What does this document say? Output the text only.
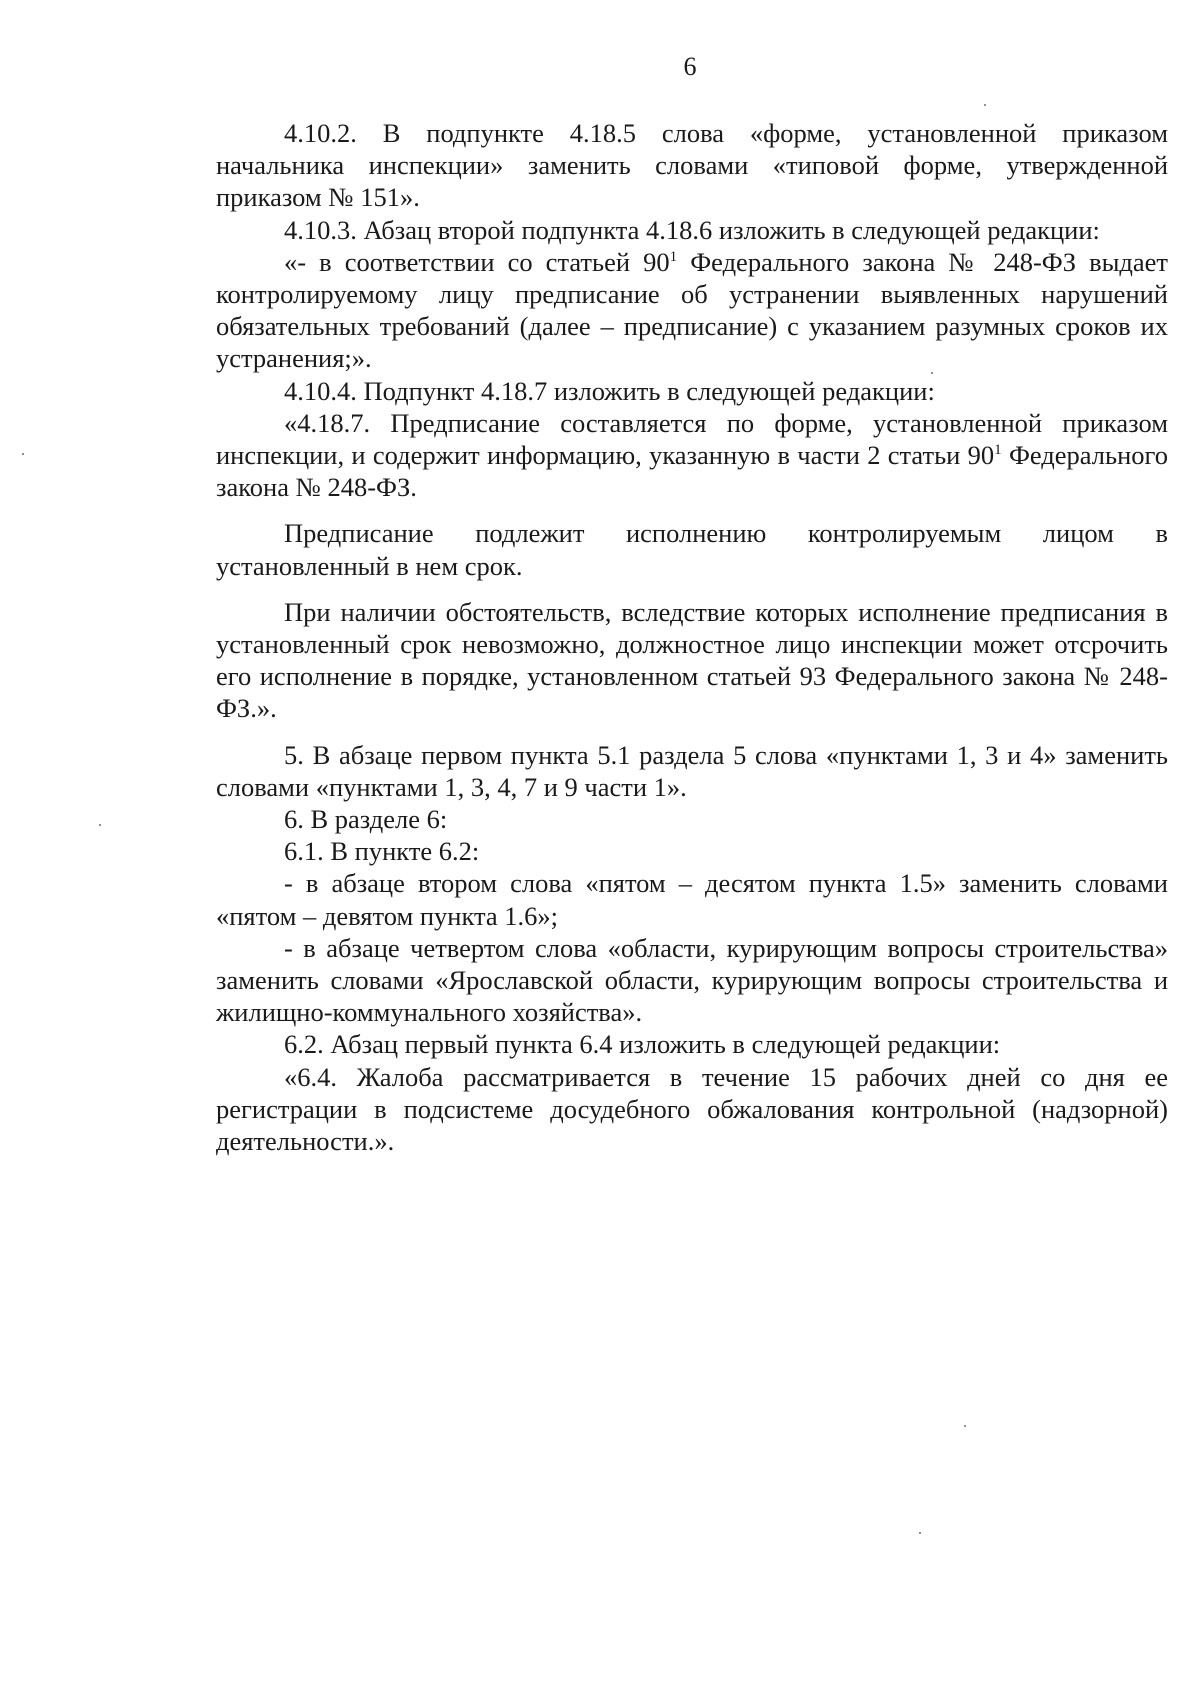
6

4.10.2. В подпункте 4.18.5 слова «форме, установленной приказом начальника инспекции» заменить словами «типовой форме, утвержденной приказом № 151».

4.10.3. Абзац второй подпункта 4.18.6 изложить в следующей редакции:

«- в соответствии со статьей $90^1$ Федерального закона № 248-ФЗ выдает контролируемому лицу предписание об устранении выявленных нарушений обязательных требований (далее – предписание) с указанием разумных сроков их устранения;».

4.10.4. Подпункт 4.18.7 изложить в следующей редакции:

«4.18.7. Предписание составляется по форме, установленной приказом инспекции, и содержит информацию, указанную в части 2 статьи $90^1$ Федерального закона № 248-ФЗ.

Предписание подлежит исполнению контролируемым лицом в установленный в нем срок.

При наличии обстоятельств, вследствие которых исполнение предписания в установленный срок невозможно, должностное лицо инспекции может отсрочить его исполнение в порядке, установленном статьей 93 Федерального закона № 248-ФЗ.».

5. В абзаце первом пункта 5.1 раздела 5 слова «пунктами 1, 3 и 4» заменить словами «пунктами 1, 3, 4, 7 и 9 части 1».

6. В разделе 6:

6.1. В пункте 6.2:

- в абзаце втором слова «пятом – десятом пункта 1.5» заменить словами «пятом – девятом пункта 1.6»;

- в абзаце четвертом слова «области, курирующим вопросы строительства» заменить словами «Ярославской области, курирующим вопросы строительства и жилищно-коммунального хозяйства».

6.2. Абзац первый пункта 6.4 изложить в следующей редакции:

«6.4. Жалоба рассматривается в течение 15 рабочих дней со дня ее регистрации в подсистеме досудебного обжалования контрольной (надзорной) деятельности.».
